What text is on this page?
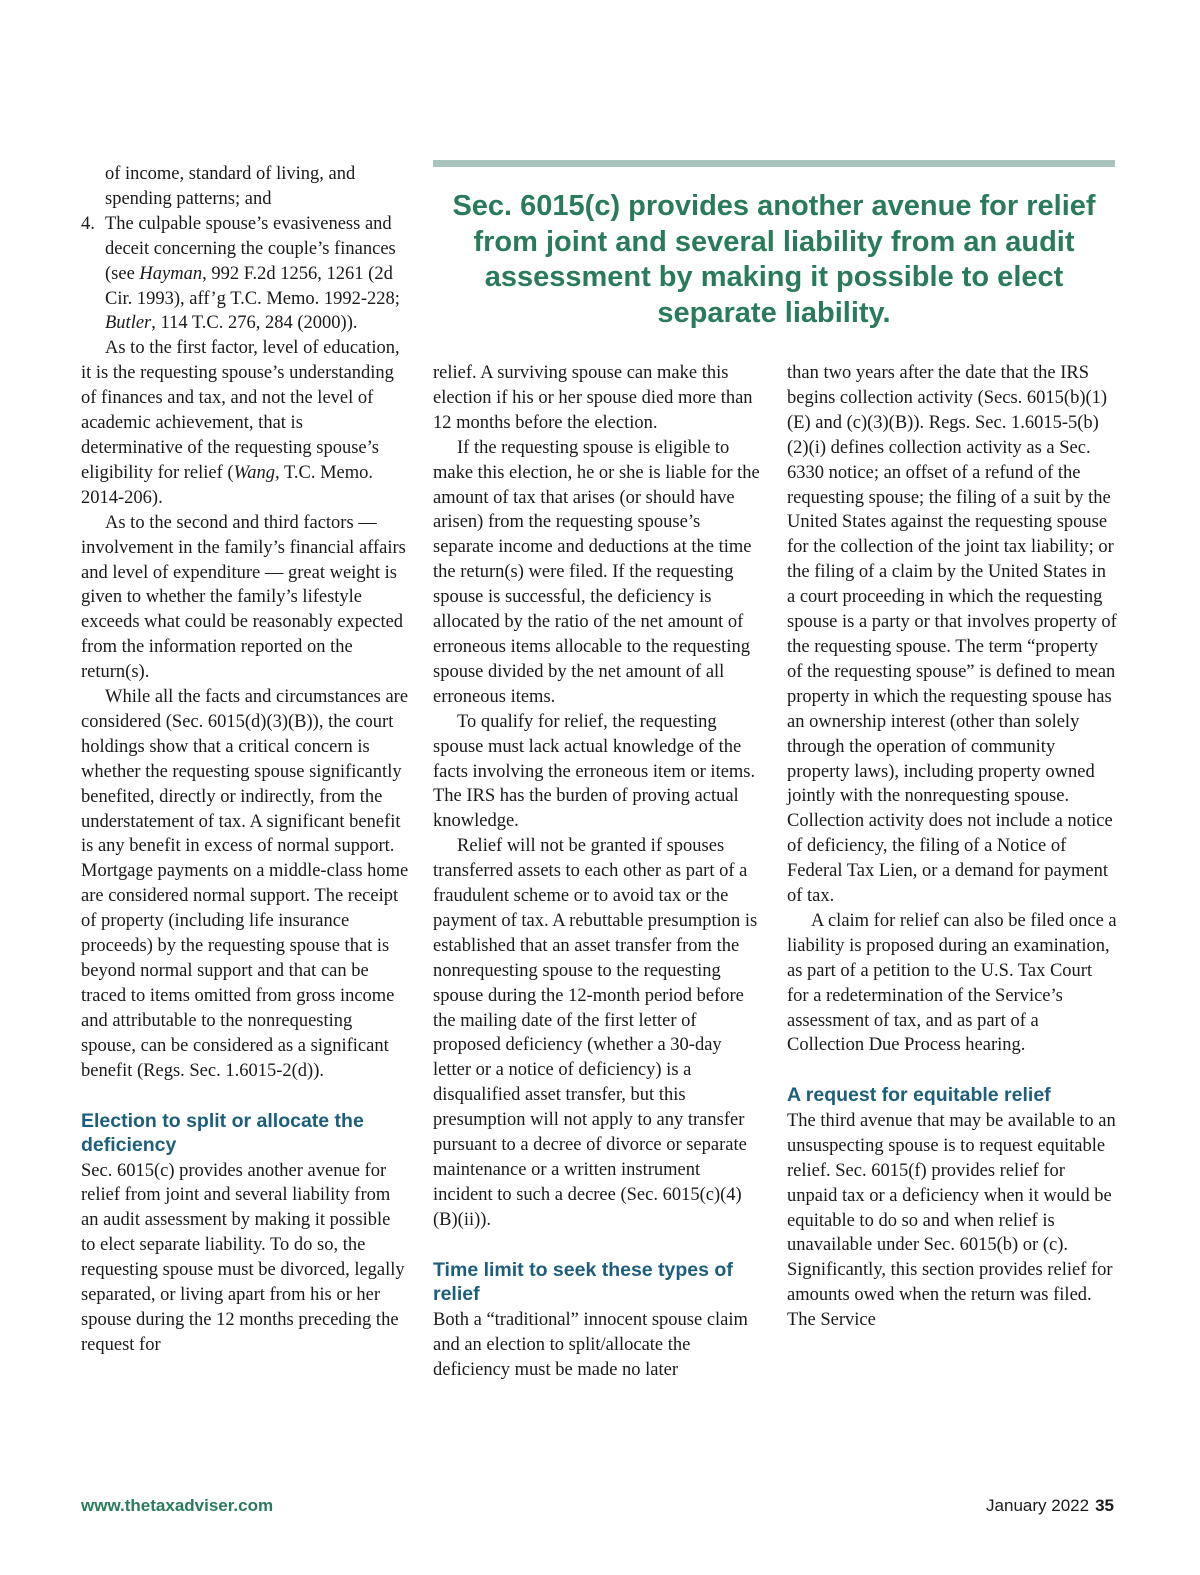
of income, standard of living, and spending patterns; and

4. The culpable spouse’s evasiveness and deceit concerning the couple’s finances (see Hayman, 992 F.2d 1256, 1261 (2d Cir. 1993), aff’g T.C. Memo. 1992-228; Butler, 114 T.C. 276, 284 (2000)).

As to the first factor, level of education, it is the requesting spouse’s understanding of finances and tax, and not the level of academic achievement, that is determinative of the requesting spouse’s eligibility for relief (Wang, T.C. Memo. 2014-206).

As to the second and third factors — involvement in the family’s financial affairs and level of expenditure — great weight is given to whether the family’s lifestyle exceeds what could be reasonably expected from the information reported on the return(s).

While all the facts and circumstances are considered (Sec. 6015(d)(3)(B)), the court holdings show that a critical concern is whether the requesting spouse significantly benefited, directly or indirectly, from the understatement of tax. A significant benefit is any benefit in excess of normal support. Mortgage payments on a middle-class home are considered normal support. The receipt of property (including life insurance proceeds) by the requesting spouse that is beyond normal support and that can be traced to items omitted from gross income and attributable to the nonrequesting spouse, can be considered as a significant benefit (Regs. Sec. 1.6015-2(d)).

Election to split or allocate the deficiency

Sec. 6015(c) provides another avenue for relief from joint and several liability from an audit assessment by making it possible to elect separate liability. To do so, the requesting spouse must be divorced, legally separated, or living apart from his or her spouse during the 12 months preceding the request for

Sec. 6015(c) provides another avenue for relief from joint and several liability from an audit assessment by making it possible to elect separate liability.

relief. A surviving spouse can make this election if his or her spouse died more than 12 months before the election.

If the requesting spouse is eligible to make this election, he or she is liable for the amount of tax that arises (or should have arisen) from the requesting spouse’s separate income and deductions at the time the return(s) were filed. If the requesting spouse is successful, the deficiency is allocated by the ratio of the net amount of erroneous items allocable to the requesting spouse divided by the net amount of all erroneous items.

To qualify for relief, the requesting spouse must lack actual knowledge of the facts involving the erroneous item or items. The IRS has the burden of proving actual knowledge.

Relief will not be granted if spouses transferred assets to each other as part of a fraudulent scheme or to avoid tax or the payment of tax. A rebuttable presumption is established that an asset transfer from the nonrequesting spouse to the requesting spouse during the 12-month period before the mailing date of the first letter of proposed deficiency (whether a 30-day letter or a notice of deficiency) is a disqualified asset transfer, but this presumption will not apply to any transfer pursuant to a decree of divorce or separate maintenance or a written instrument incident to such a decree (Sec. 6015(c)(4)(B)(ii)).

Time limit to seek these types of relief

Both a “traditional” innocent spouse claim and an election to split/allocate the deficiency must be made no later

than two years after the date that the IRS begins collection activity (Secs. 6015(b)(1)(E) and (c)(3)(B)). Regs. Sec. 1.6015-5(b)(2)(i) defines collection activity as a Sec. 6330 notice; an offset of a refund of the requesting spouse; the filing of a suit by the United States against the requesting spouse for the collection of the joint tax liability; or the filing of a claim by the United States in a court proceeding in which the requesting spouse is a party or that involves property of the requesting spouse. The term “property of the requesting spouse” is defined to mean property in which the requesting spouse has an ownership interest (other than solely through the operation of community property laws), including property owned jointly with the nonrequesting spouse. Collection activity does not include a notice of deficiency, the filing of a Notice of Federal Tax Lien, or a demand for payment of tax.

A claim for relief can also be filed once a liability is proposed during an examination, as part of a petition to the U.S. Tax Court for a redetermination of the Service’s assessment of tax, and as part of a Collection Due Process hearing.

A request for equitable relief

The third avenue that may be available to an unsuspecting spouse is to request equitable relief. Sec. 6015(f) provides relief for unpaid tax or a deficiency when it would be equitable to do so and when relief is unavailable under Sec. 6015(b) or (c). Significantly, this section provides relief for amounts owed when the return was filed. The Service

www.thetaxadviser.com	January 2022 35
